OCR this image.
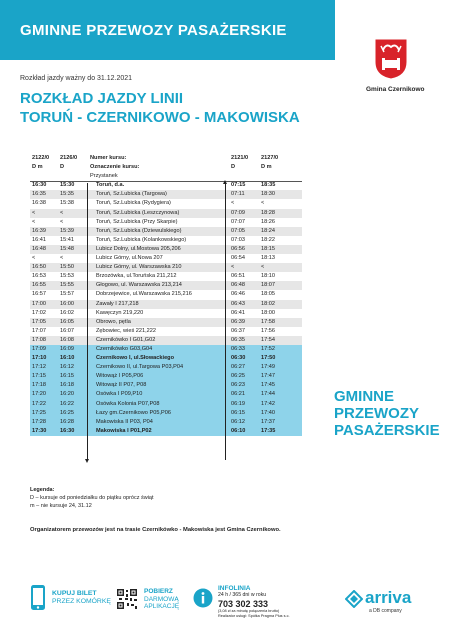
GMINNE PRZEWOZY PASAŻERSKIE
Gmina Czernikowo
Rozkład jazdy ważny do 31.12.2021
ROZKŁAD JAZDY LINII
TORUŃ - CZERNIKOWO - MAKOWISKA
2122/0 2126/0 Numer kursu:	2121/0 2127/0
D m	D	Oznaczenie kursu:	D	D m
Przystanek
16:30 15:30	Toruń, d.a.	07:15	18:35
16:35	15:35	Toruń, Sz.Lubicka (Targowa)	07:11	18:30
16:38	15:38	Toruń, Sz.Lubicka (Rydygiera)	<	<
<	<	Toruń, Sz.Lubicka (Leszczynowa)	07:09	18:28
<	<	Toruń, Sz.Lubicka (Przy Skarpie)	07:07	18:26
16:39	15:39	Toruń, Sz.Lubicka (Dziewulskiego)	07:05	18:24
16:41	15:41	Toruń, Sz.Lubicka (Kolankowskiego)	07:03	18:22
16:48	15:48	Lubicz Dolny, ul.Mostowa 205,206	06:56	18:15
<	<	Lubicz Górny, ul.Nowa 207	06:54	18:13
16:50	15:50	Lubicz Górny, ul. Warszawska 210	<	<
16:53	15:53	Brzozówka, ul.Toruńska 211,212	06:51	18:10
16:55	15:55	Głogowo, ul. Warszawska 213,214	06:48	18:07
16:57	15:57	Dobrzejewice, ul.Warszawska 215,216	06:46	18:05
17:00	16:00	Zawały I 217,218	06:43	18:02
17:02	16:02	Kawęczyn 219,220	06:41	18:00
17:05	16:05	Obrowo, pętla	06:39	17:58
17:07	16:07	Zębowiec, wieś 221,222	06:37	17:56
17:08	16:08	Czernikówko I G01,G02	06:35	17:54
17:09	16:09	Czernikówko G03,G04	06:33	17:52
17:10 16:10	Czernikowo I, ul.Słowackiego	06:30	17:50
17:12	16:12	Czernikowo II, ul.Targowa P03,P04	06:27	17:49
17:15	16:15	Witowąż I P05,P06	06:25	17:47
17:18	16:18	Witowąż II P07, P08	06:23	17:45
17:20	16:20	Osówka I P09,P10	06:21	17:44
17:22	16:22	Osówka Kolonia P07,P08	06:19	17:42
17:25	16:25	Łazy gm.Czernikowo P05,P06	06:15	17:40
17:28	16:28	Makowiska II P03, P04	06:12	17:37
17:30 16:30	Makowiska I P01,P02	06:10	17:35
GMINNE
PRZEWOZY
PASAŻERSKIE
Legenda:
D – kursuje od poniedziałku do piątku oprócz świąt
m – nie kursuje 24, 31.12
Organizatorem przewozów jest na trasie Czernikówko - Makowiska jest Gmina Czernikowo.
KUPUJ BILET
PRZEZ KOMÓRKĘ
POBIERZ
DARMOWĄ
APLIKACJĘ
INFOLINIA
24 h / 365 dni w roku
703 302 333
(3,08 zł za minutę połączenia brutto)
Realizator usługi: Spółka Pragma Plus s.c.
arriva
a DB company
